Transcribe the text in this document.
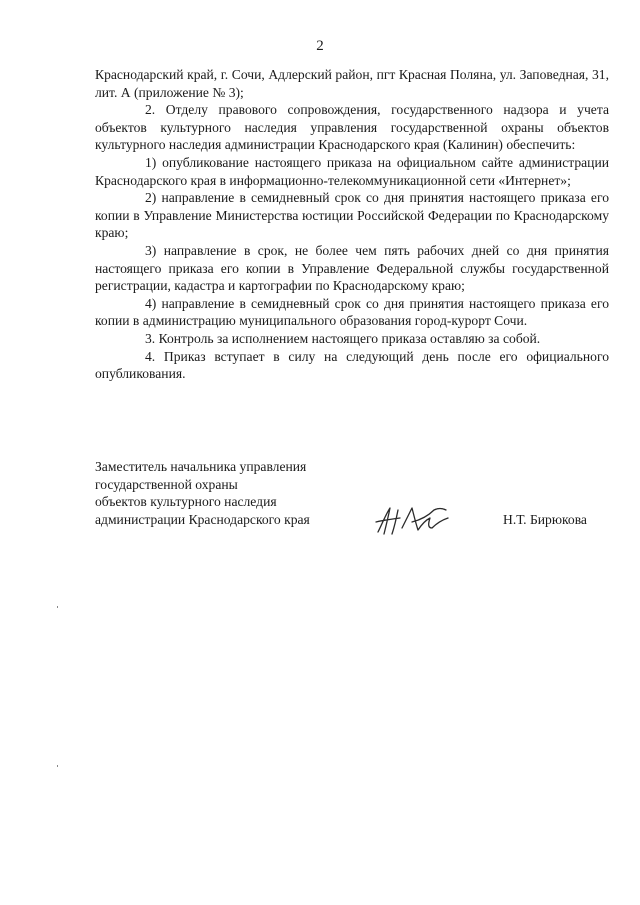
2

Краснодарский край, г. Сочи, Адлерский район, пгт Красная Поляна, ул. Заповедная, 31, лит. А (приложение № 3);

2. Отделу правового сопровождения, государственного надзора и учета объектов культурного наследия управления государственной охраны объектов культурного наследия администрации Краснодарского края (Калинин) обеспечить:

1) опубликование настоящего приказа на официальном сайте администрации Краснодарского края в информационно-телекоммуникационной сети «Интернет»;

2) направление в семидневный срок со дня принятия настоящего приказа его копии в Управление Министерства юстиции Российской Федерации по Краснодарскому краю;

3) направление в срок, не более чем пять рабочих дней со дня принятия настоящего приказа его копии в Управление Федеральной службы государственной регистрации, кадастра и картографии по Краснодарскому краю;

4) направление в семидневный срок со дня принятия настоящего приказа его копии в администрацию муниципального образования город-курорт Сочи.

3. Контроль за исполнением настоящего приказа оставляю за собой.

4. Приказ вступает в силу на следующий день после его официального опубликования.

Заместитель начальника управления

государственной охраны

объектов культурного наследия

администрации Краснодарского края	Н.Т. Бирюкова
